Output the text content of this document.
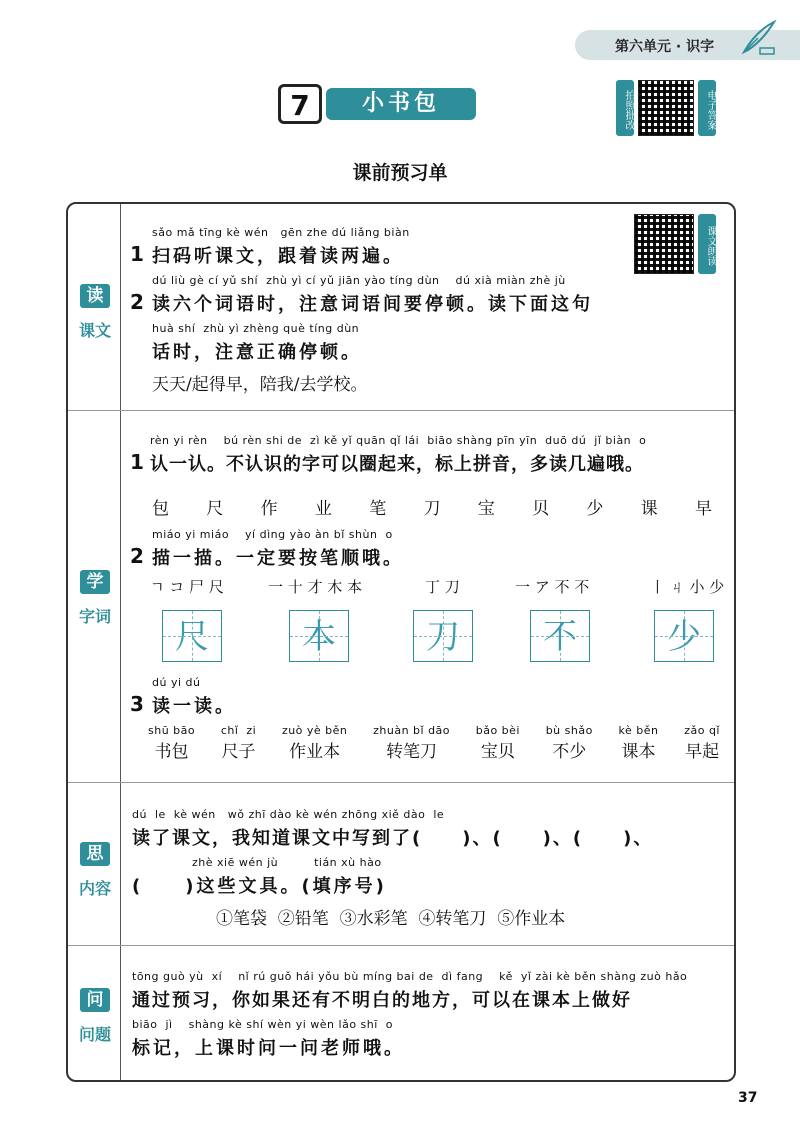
第六单元 · 识字
7	小书包	拍照批改	电子答案
课前预习单
课文朗读
读
课文
学
字词
思
内容
问
问题
sǎo mǎ tīng kè wén   gēn zhe dú liǎng biàn
1 扫码听课文，跟着读两遍。
dú liù gè cí yǔ shí  zhù yì cí yǔ jiān yào tíng dùn    dú xià miàn zhè jù
2 读六个词语时，注意词语间要停顿。读下面这句
huà shí  zhù yì zhèng què tíng dùn
话时，注意正确停顿。
天天/起得早，陪我/去学校。
rèn yi rèn    bú rèn shi de  zì kě yǐ quān qǐ lái  biāo shàng pīn yīn  duō dú  jǐ biàn  o
1 认一认。不认识的字可以圈起来，标上拼音，多读几遍哦。
包 尺 作 业 笔 刀 宝 贝 少 课 早
miáo yi miáo    yí dìng yào àn bǐ shùn  o
2 描一描。一定要按笔顺哦。
ㄱ コ 尸 尺	一 十 才 木 本	丁 刀	一 ア 不 不	丨 ㄐ 小 少
尺	本	刀	不	少
dú yi dú
3 读一读。
shū bāo
书包
chǐ  zi
尺子
zuò yè běn
作业本
zhuàn bǐ dāo
转笔刀
bǎo bèi
宝贝
bù shǎo
不少
kè běn
课本
zǎo qǐ
早起
dú  le  kè wén   wǒ zhī dào kè wén zhōng xiě dào  le
读了课文，我知道课文中写到了(　　)、(　　)、(　　)、
zhè xiē wén jù         tián xù hào
(　　)这些文具。(填序号)
①笔袋  ②铅笔  ③水彩笔  ④转笔刀  ⑤作业本
tōng guò yù  xí    nǐ rú guǒ hái yǒu bù míng bai de  dì fang    kě  yǐ zài kè běn shàng zuò hǎo
通过预习，你如果还有不明白的地方，可以在课本上做好
biāo  jì    shàng kè shí wèn yi wèn lǎo shī  o
标记，上课时问一问老师哦。
37
